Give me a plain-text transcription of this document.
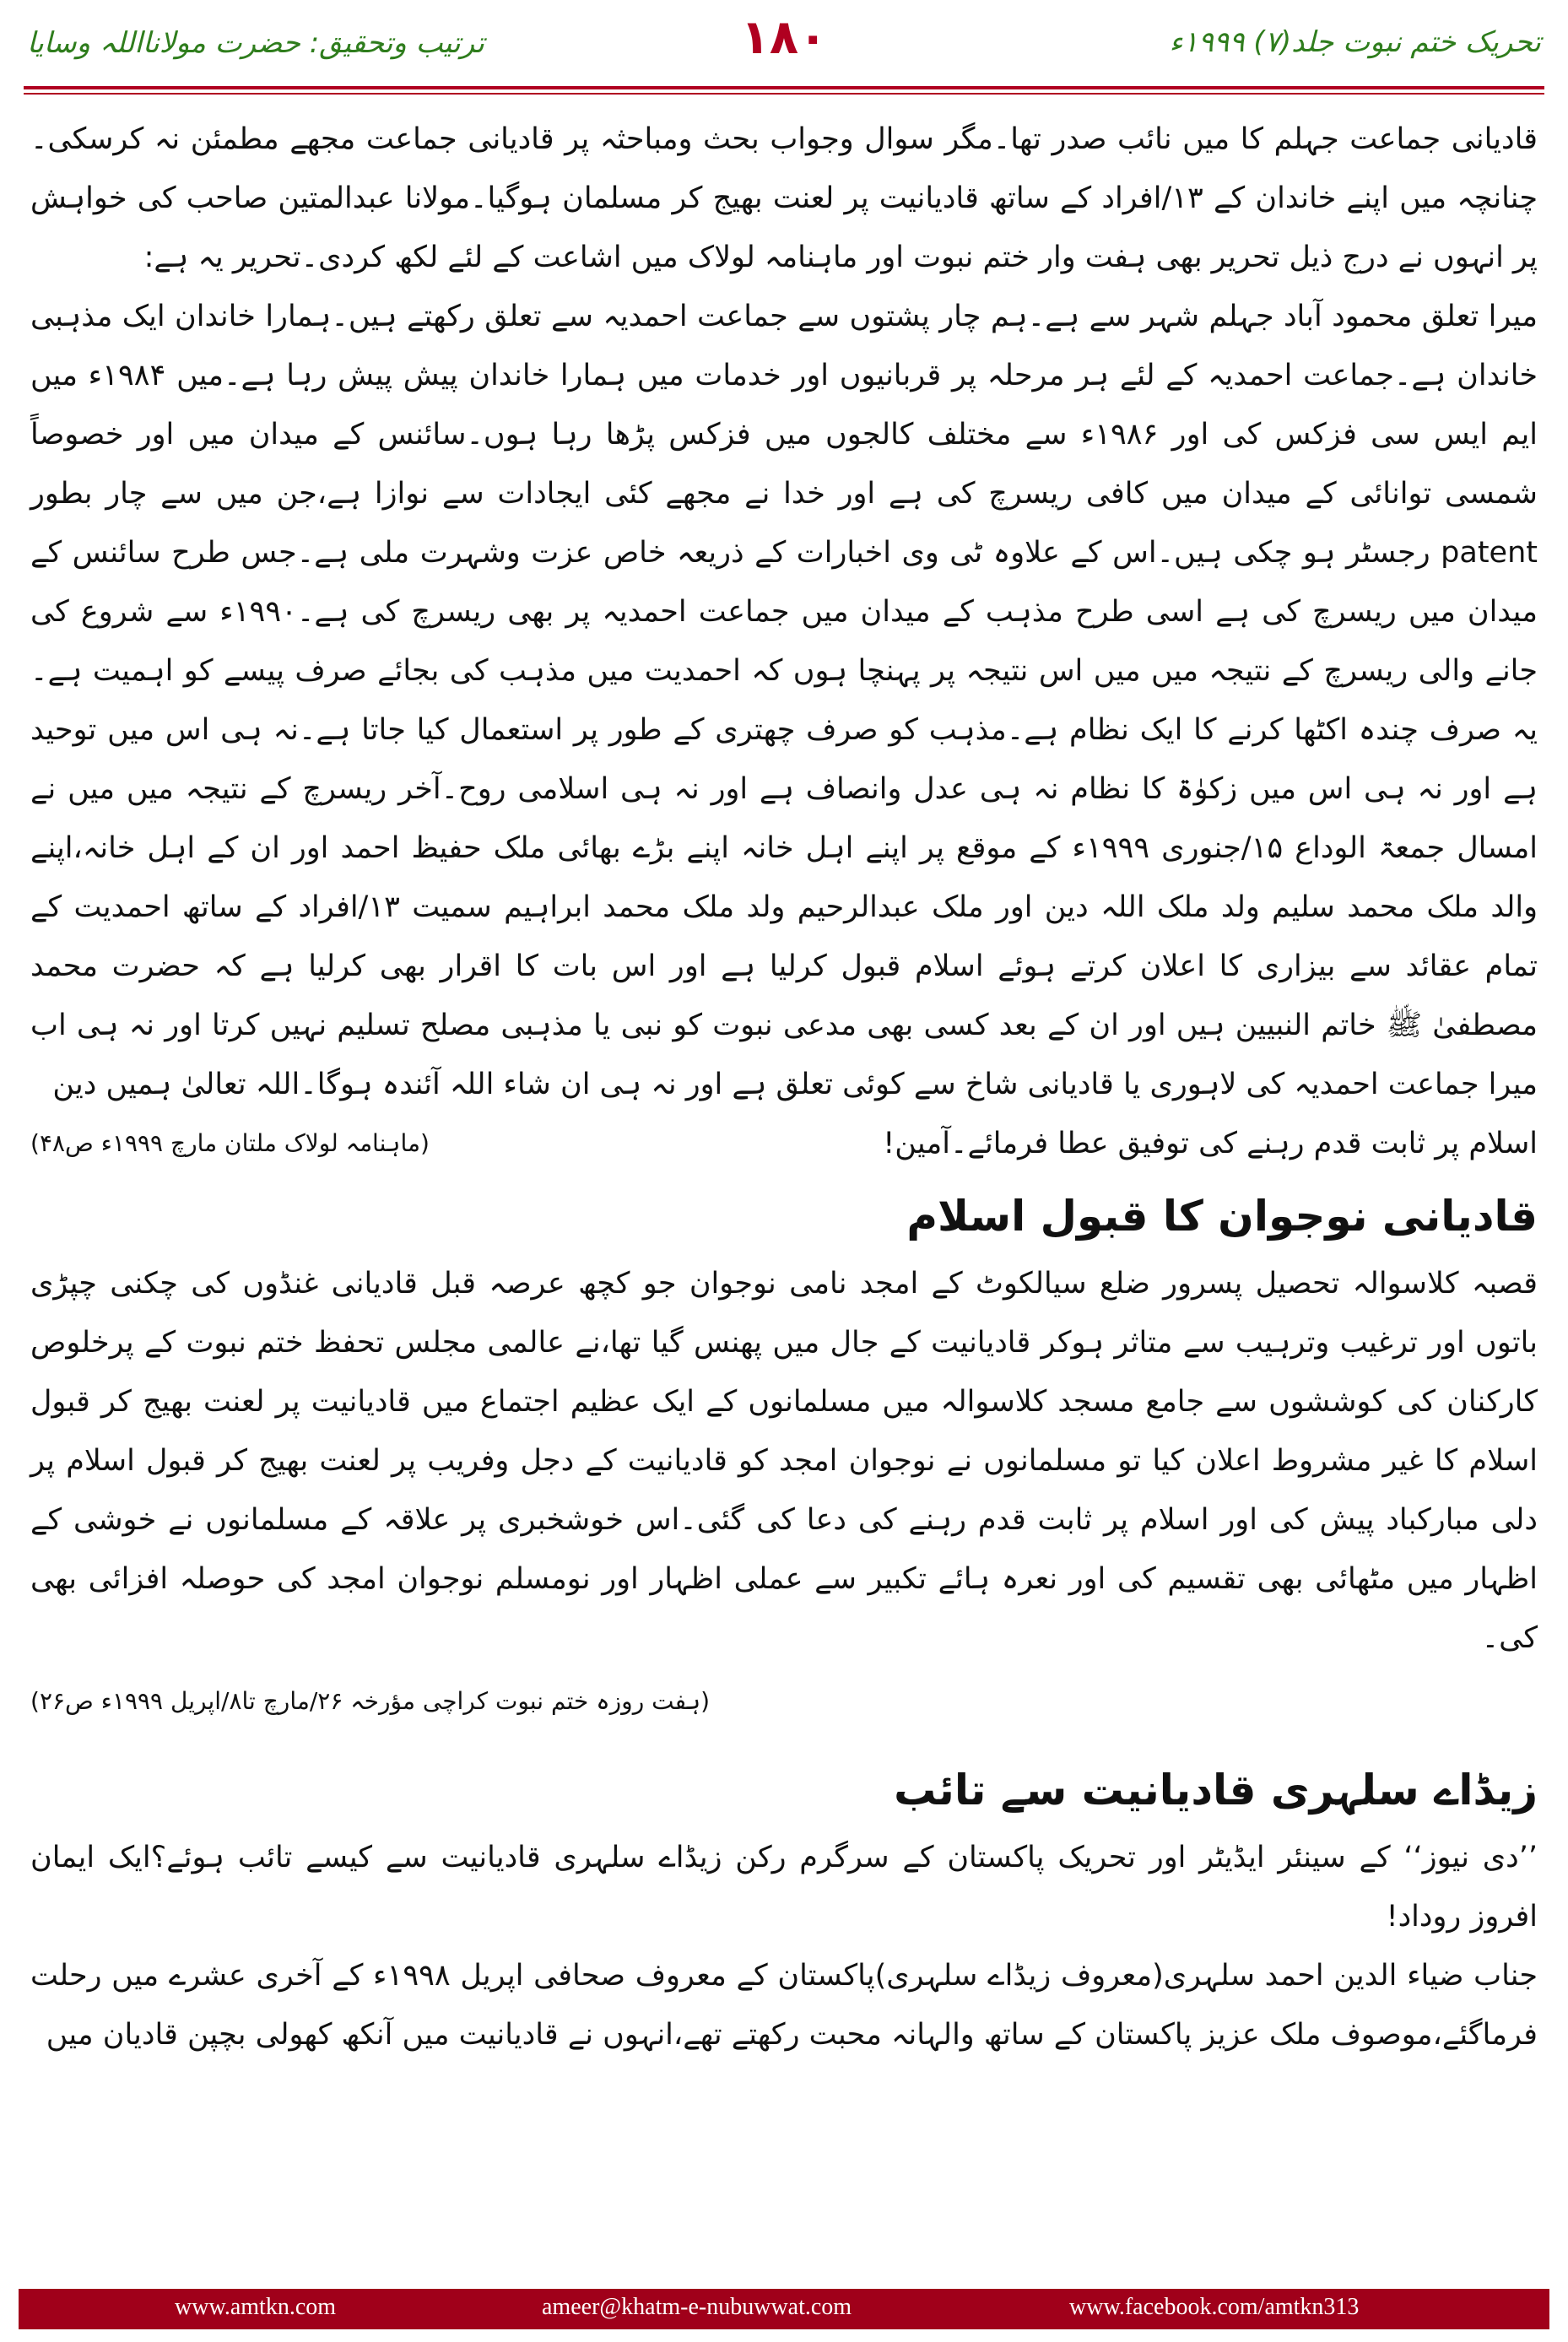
ترتیب وتحقیق: حضرت مولانااللہ وسایا	۱۸۰	تحریک ختم نبوت جلد(۷) ۱۹۹۹ء

قادیانی جماعت جہلم کا میں نائب صدر تھا۔مگر سوال وجواب بحث ومباحثہ پر قادیانی جماعت مجھے مطمئن نہ کرسکی۔چنانچہ میں اپنے خاندان کے ۱۳/افراد کے ساتھ قادیانیت پر لعنت بھیج کر مسلمان ہوگیا۔مولانا عبدالمتین صاحب کی خواہش پر انہوں نے درج ذیل تحریر بھی ہفت وار ختم نبوت اور ماہنامہ لولاک میں اشاعت کے لئے لکھ کردی۔تحریر یہ ہے:

میرا تعلق محمود آباد جہلم شہر سے ہے۔ہم چار پشتوں سے جماعت احمدیہ سے تعلق رکھتے ہیں۔ہمارا خاندان ایک مذہبی خاندان ہے۔جماعت احمدیہ کے لئے ہر مرحلہ پر قربانیوں اور خدمات میں ہمارا خاندان پیش پیش رہا ہے۔میں ۱۹۸۴ء میں ایم ایس سی فزکس کی اور ۱۹۸۶ء سے مختلف کالجوں میں فزکس پڑھا رہا ہوں۔سائنس کے میدان میں اور خصوصاً شمسی توانائی کے میدان میں کافی ریسرچ کی ہے اور خدا نے مجھے کئی ایجادات سے نوازا ہے،جن میں سے چار بطور patent رجسٹر ہو چکی ہیں۔اس کے علاوہ ٹی وی اخبارات کے ذریعہ خاص عزت وشہرت ملی ہے۔جس طرح سائنس کے میدان میں ریسرچ کی ہے اسی طرح مذہب کے میدان میں جماعت احمدیہ پر بھی ریسرچ کی ہے۔۱۹۹۰ء سے شروع کی جانے والی ریسرچ کے نتیجہ میں میں اس نتیجہ پر پہنچا ہوں کہ احمدیت میں مذہب کی بجائے صرف پیسے کو اہمیت ہے۔یہ صرف چندہ اکٹھا کرنے کا ایک نظام ہے۔مذہب کو صرف چھتری کے طور پر استعمال کیا جاتا ہے۔نہ ہی اس میں توحید ہے اور نہ ہی اس میں زکوٰۃ کا نظام نہ ہی عدل وانصاف ہے اور نہ ہی اسلامی روح۔آخر ریسرچ کے نتیجہ میں میں نے امسال جمعۃ الوداع ۱۵/جنوری ۱۹۹۹ء کے موقع پر اپنے اہل خانہ اپنے بڑے بھائی ملک حفیظ احمد اور ان کے اہل خانہ،اپنے والد ملک محمد سلیم ولد ملک اللہ دین اور ملک عبدالرحیم ولد ملک محمد ابراہیم سمیت ۱۳/افراد کے ساتھ احمدیت کے تمام عقائد سے بیزاری کا اعلان کرتے ہوئے اسلام قبول کرلیا ہے اور اس بات کا اقرار بھی کرلیا ہے کہ حضرت محمد مصطفیٰ ﷺ خاتم النبیین ہیں اور ان کے بعد کسی بھی مدعی نبوت کو نبی یا مذہبی مصلح تسلیم نہیں کرتا اور نہ ہی اب میرا جماعت احمدیہ کی لاہوری یا قادیانی شاخ سے کوئی تعلق ہے اور نہ ہی ان شاء اللہ آئندہ ہوگا۔اللہ تعالیٰ ہمیں دین

اسلام پر ثابت قدم رہنے کی توفیق عطا فرمائے۔آمین!
(ماہنامہ لولاک ملتان مارچ ۱۹۹۹ء ص۴۸)
قادیانی نوجوان کا قبول اسلام

قصبہ کلاسوالہ تحصیل پسرور ضلع سیالکوٹ کے امجد نامی نوجوان جو کچھ عرصہ قبل قادیانی غنڈوں کی چکنی چپڑی باتوں اور ترغیب وترہیب سے متاثر ہوکر قادیانیت کے جال میں پھنس گیا تھا،نے عالمی مجلس تحفظ ختم نبوت کے پرخلوص کارکنان کی کوششوں سے جامع مسجد کلاسوالہ میں مسلمانوں کے ایک عظیم اجتماع میں قادیانیت پر لعنت بھیج کر قبول اسلام کا غیر مشروط اعلان کیا تو مسلمانوں نے نوجوان امجد کو قادیانیت کے دجل وفریب پر لعنت بھیج کر قبول اسلام پر دلی مبارکباد پیش کی اور اسلام پر ثابت قدم رہنے کی دعا کی گئی۔اس خوشخبری پر علاقہ کے مسلمانوں نے خوشی کے اظہار میں مٹھائی بھی تقسیم کی اور نعرہ ہائے تکبیر سے عملی اظہار اور نومسلم نوجوان امجد کی حوصلہ افزائی بھی کی۔

(ہفت روزہ ختم نبوت کراچی مؤرخہ ۲۶/مارچ تا۸/اپریل ۱۹۹۹ء ص۲۶)
زیڈاے سلہری قادیانیت سے تائب

’’دی نیوز‘‘ کے سینئر ایڈیٹر اور تحریک پاکستان کے سرگرم رکن زیڈاے سلہری قادیانیت سے کیسے تائب ہوئے؟ایک ایمان افروز روداد!

جناب ضیاء الدین احمد سلہری(معروف زیڈاے سلہری)پاکستان کے معروف صحافی اپریل ۱۹۹۸ء کے آخری عشرے میں رحلت فرماگئے،موصوف ملک عزیز پاکستان کے ساتھ والہانہ محبت رکھتے تھے،انہوں نے قادیانیت میں آنکھ کھولی بچپن قادیان میں

www.amtkn.com	ameer@khatm-e-nubuwwat.com	www.facebook.com/amtkn313
